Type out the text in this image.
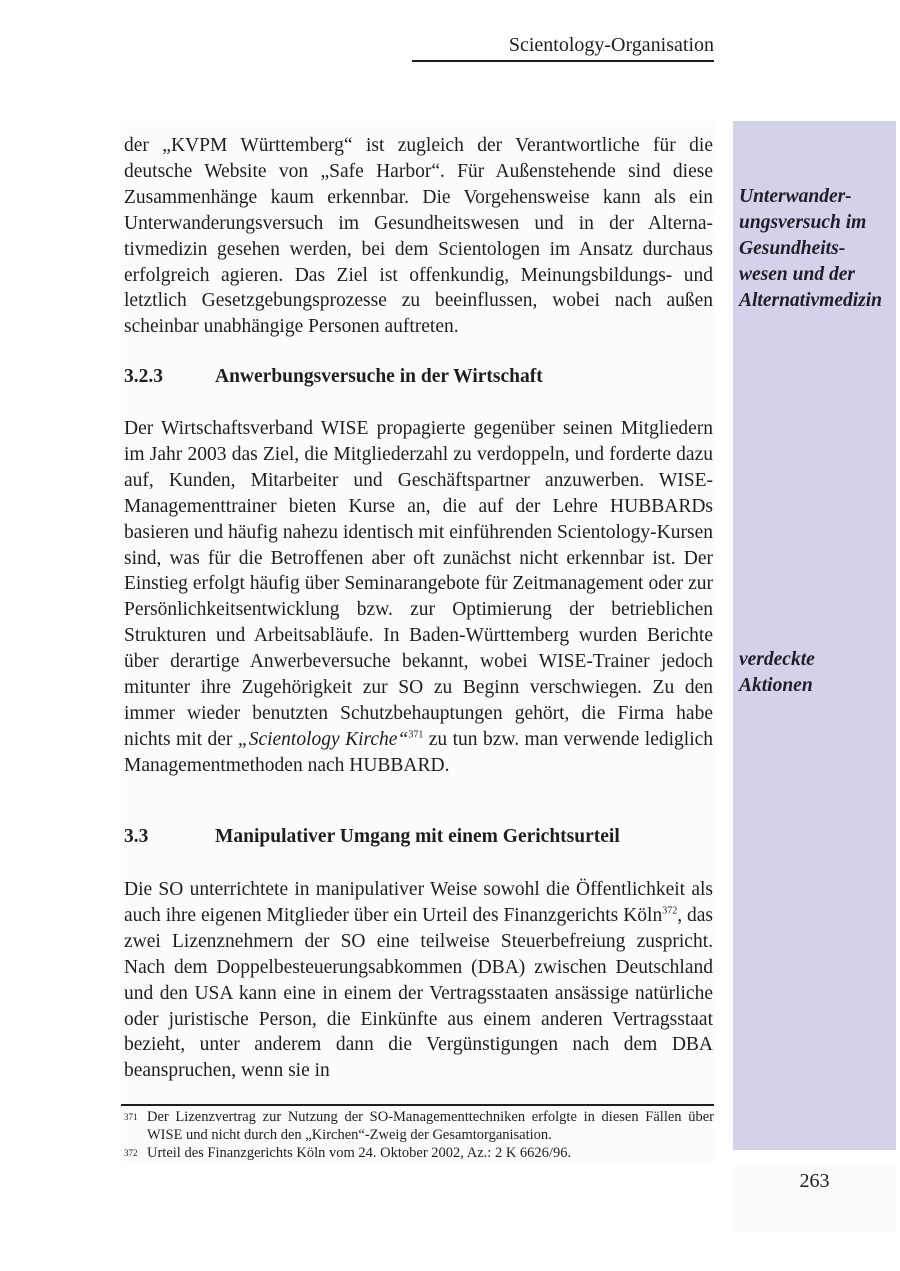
Scientology-Organisation

der „KVPM Württemberg“ ist zugleich der Verantwortliche für die deutsche Website von „Safe Harbor“. Für Außenstehende sind diese Zusammenhänge kaum erkennbar. Die Vorgehensweise kann als ein Unterwanderungsversuch im Gesundheitswesen und in der Alternativmedizin gesehen werden, bei dem Scientologen im Ansatz durchaus erfolgreich agieren. Das Ziel ist offenkundig, Meinungsbildungs- und letztlich Gesetzgebungsprozesse zu beeinflussen, wobei nach außen scheinbar unabhängige Personen auftreten.

3.2.3	Anwerbungsversuche in der Wirtschaft

Der Wirtschaftsverband WISE propagierte gegenüber seinen Mitgliedern im Jahr 2003 das Ziel, die Mitgliederzahl zu verdoppeln, und forderte dazu auf, Kunden, Mitarbeiter und Geschäftspartner anzuwerben. WISE-Managementtrainer bieten Kurse an, die auf der Lehre HUBBARDs basieren und häufig nahezu identisch mit einführenden Scientology-Kursen sind, was für die Betroffenen aber oft zunächst nicht erkennbar ist. Der Einstieg erfolgt häufig über Seminarangebote für Zeitmanagement oder zur Persönlichkeitsentwicklung bzw. zur Optimierung der betrieblichen Strukturen und Arbeitsabläufe. In Baden-Württemberg wurden Berichte über derartige Anwerbeversuche bekannt, wobei WISE-Trainer jedoch mitunter ihre Zugehörigkeit zur SO zu Beginn verschwiegen. Zu den immer wieder benutzten Schutzbehauptungen gehört, die Firma habe nichts mit der „Scientology Kirche“$^{371}$ zu tun bzw. man verwende lediglich Managementmethoden nach HUBBARD.

3.3	Manipulativer Umgang mit einem Gerichtsurteil

Die SO unterrichtete in manipulativer Weise sowohl die Öffentlichkeit als auch ihre eigenen Mitglieder über ein Urteil des Finanzgerichts Köln$^{372}$, das zwei Lizenznehmern der SO eine teilweise Steuerbefreiung zuspricht. Nach dem Doppelbesteuerungsabkommen (DBA) zwischen Deutschland und den USA kann eine in einem der Vertragsstaaten ansässige natürliche oder juristische Person, die Einkünfte aus einem anderen Vertragsstaat bezieht, unter anderem dann die Vergünstigungen nach dem DBA beanspruchen, wenn sie in

371 Der Lizenzvertrag zur Nutzung der SO-Managementtechniken erfolgte in diesen Fällen über WISE und nicht durch den „Kirchen“-Zweig der Gesamtorganisation.
372 Urteil des Finanzgerichts Köln vom 24. Oktober 2002, Az.: 2 K 6626/96.
Unterwander-
ungsversuch im
Gesundheits-
wesen und der
Alternativmedizin
verdeckte
Aktionen
263
